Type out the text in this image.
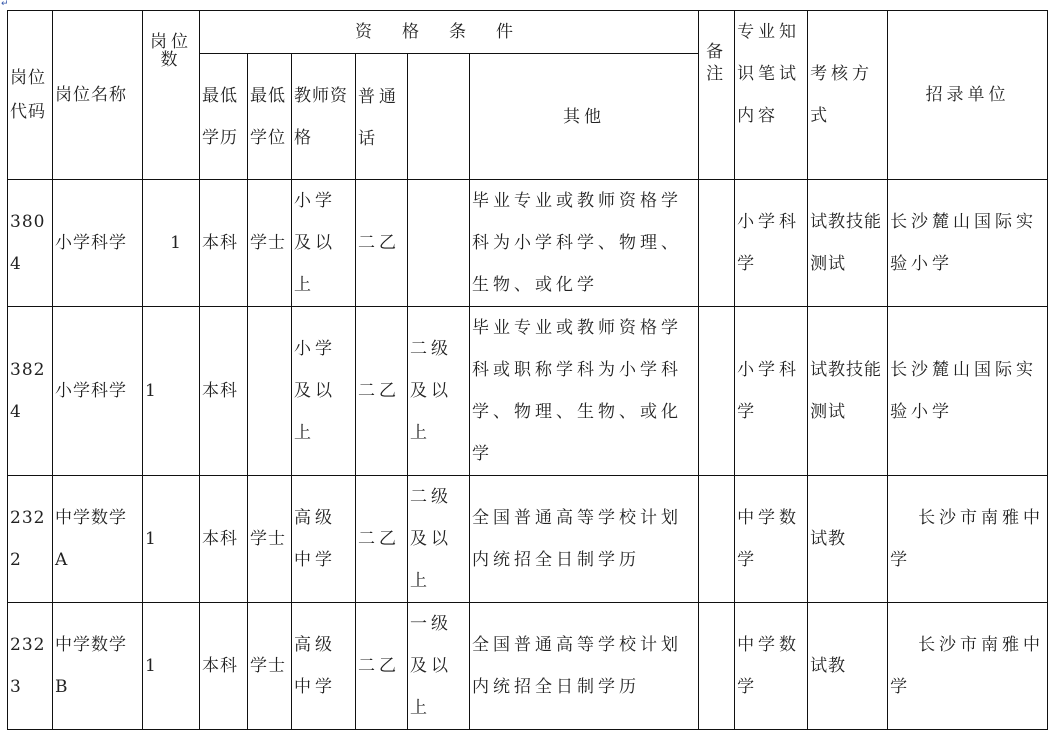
↵
岗位代码	岗位名称	岗位数	资格条件						备注	专业知识笔试内容	考核方式	招录单位
			最低学历	最低学位	教师资格	普通话		其他				
3804	小学科学	1	本科	学士	小学及以上	二乙		毕业专业或教师资格学科为小学科学、物理、生物、或化学		小学科学	试教技能测试	长沙麓山国际实验小学
3824	小学科学	1	本科		小学及以上	二乙	二级及以上	毕业专业或教师资格学科或职称学科为小学科学、物理、生物、或化学		小学科学	试教技能测试	长沙麓山国际实验小学
2322	中学数学A	1	本科	学士	高级中学	二乙	二级及以上	全国普通高等学校计划内统招全日制学历		中学数学	试教	长沙市南雅中学
2323	中学数学B	1	本科	学士	高级中学	二乙	一级及以上	全国普通高等学校计划内统招全日制学历		中学数学	试教	长沙市南雅中学
